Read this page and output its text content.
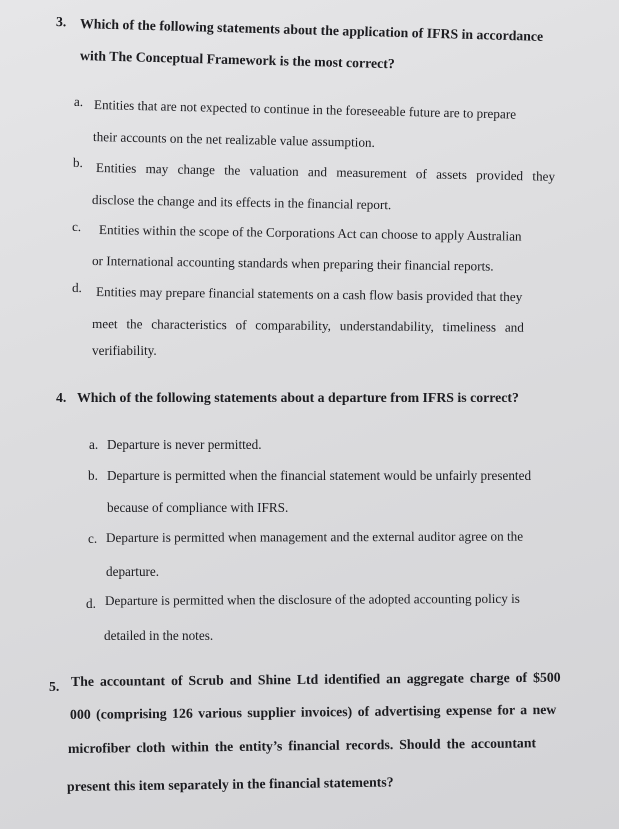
3. Which of the following statements about the application of IFRS in accordance
with The Conceptual Framework is the most correct?
a. Entities that are not expected to continue in the foreseeable future are to prepare
their accounts on the net realizable value assumption.
b. Entities may change the valuation and measurement of assets provided they
disclose the change and its effects in the financial report.
c. Entities within the scope of the Corporations Act can choose to apply Australian
or International accounting standards when preparing their financial reports.
d. Entities may prepare financial statements on a cash flow basis provided that they
meet the characteristics of comparability, understandability, timeliness and
verifiability.
4. Which of the following statements about a departure from IFRS is correct?
a. Departure is never permitted.
b. Departure is permitted when the financial statement would be unfairly presented
because of compliance with IFRS.
c. Departure is permitted when management and the external auditor agree on the
departure.
d. Departure is permitted when the disclosure of the adopted accounting policy is
detailed in the notes.
5. The accountant of Scrub and Shine Ltd identified an aggregate charge of $500
000 (comprising 126 various supplier invoices) of advertising expense for a new
microfiber cloth within the entity’s financial records. Should the accountant
present this item separately in the financial statements?
